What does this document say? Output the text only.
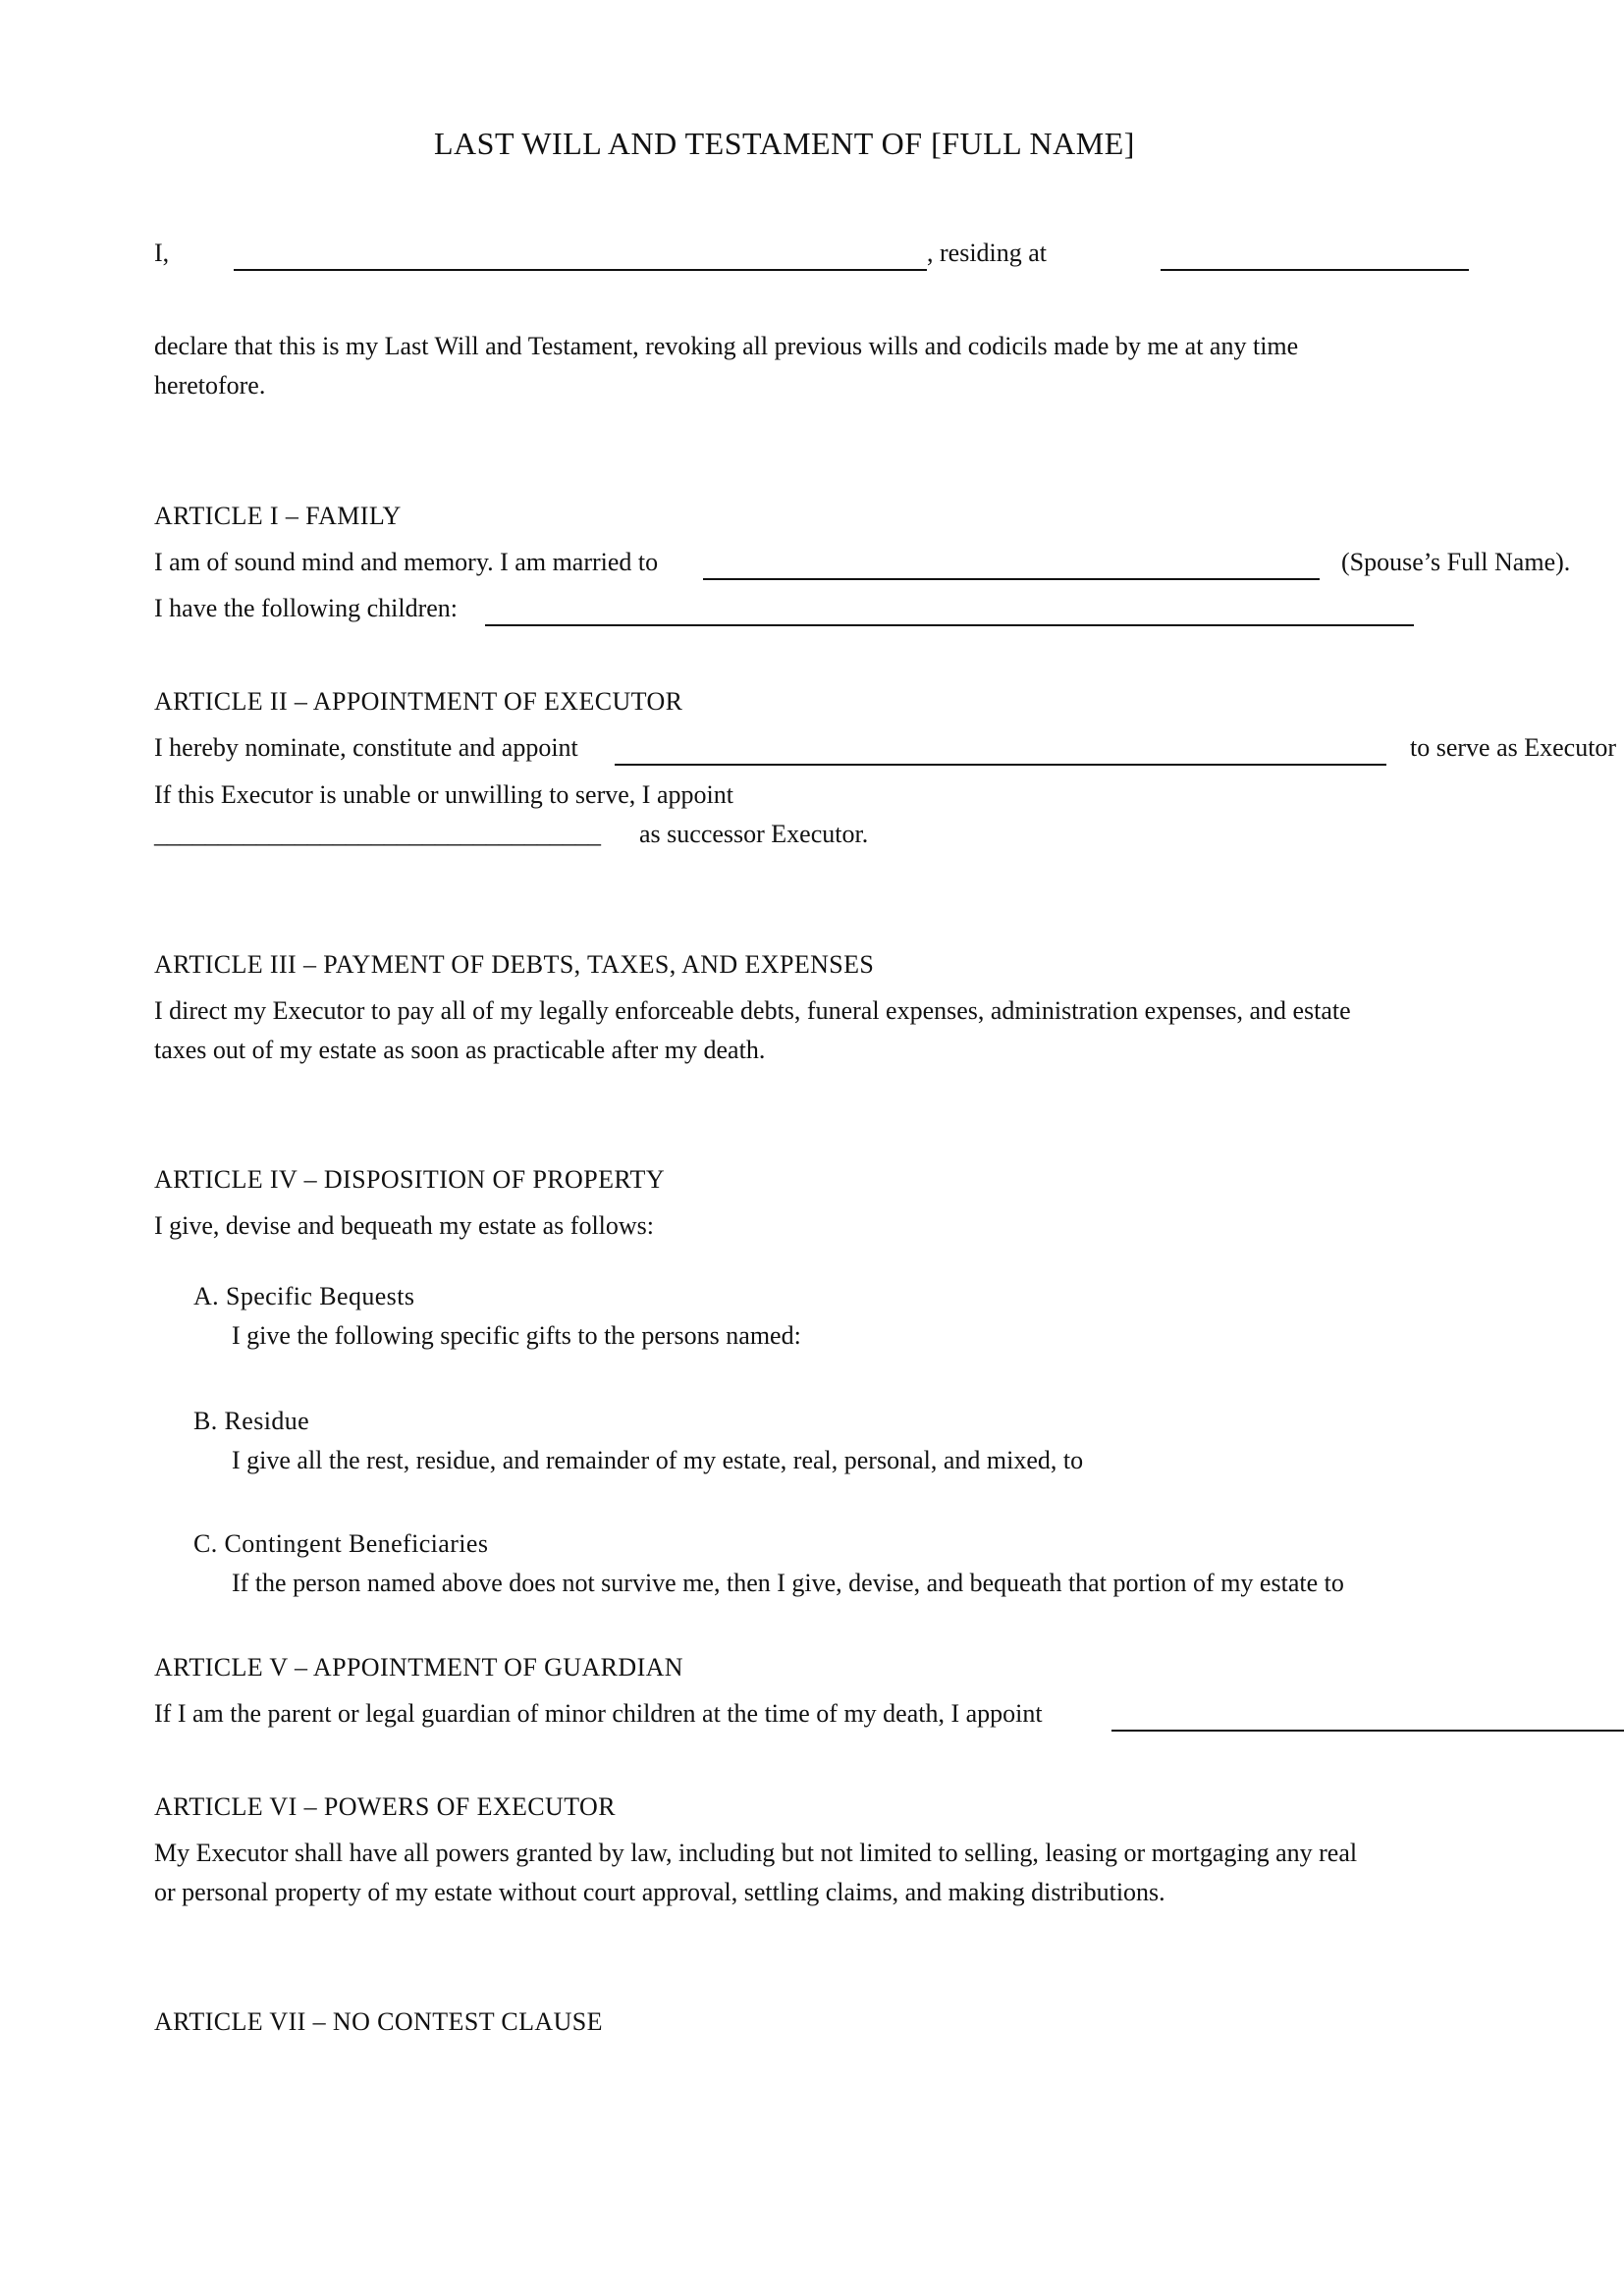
LAST WILL AND TESTAMENT OF [FULL NAME]
I,	, residing at
declare that this is my Last Will and Testament, revoking all previous wills and codicils made by me at any time
heretofore.
ARTICLE I – FAMILY
I am of sound mind and memory. I am married to	(Spouse’s Full Name).
I have the following children:
ARTICLE II – APPOINTMENT OF EXECUTOR
I hereby nominate, constitute and appoint	to serve as Executor
If this Executor is unable or unwilling to serve, I appoint
___________________________________ as successor Executor.
ARTICLE III – PAYMENT OF DEBTS, TAXES, AND EXPENSES
I direct my Executor to pay all of my legally enforceable debts, funeral expenses, administration expenses, and estate
taxes out of my estate as soon as practicable after my death.
ARTICLE IV – DISPOSITION OF PROPERTY
I give, devise and bequeath my estate as follows:
A. Specific Bequests
I give the following specific gifts to the persons named:
B. Residue
I give all the rest, residue, and remainder of my estate, real, personal, and mixed, to
C. Contingent Beneficiaries
If the person named above does not survive me, then I give, devise, and bequeath that portion of my estate to
ARTICLE V – APPOINTMENT OF GUARDIAN
If I am the parent or legal guardian of minor children at the time of my death, I appoint
ARTICLE VI – POWERS OF EXECUTOR
My Executor shall have all powers granted by law, including but not limited to selling, leasing or mortgaging any real
or personal property of my estate without court approval, settling claims, and making distributions.
ARTICLE VII – NO CONTEST CLAUSE
